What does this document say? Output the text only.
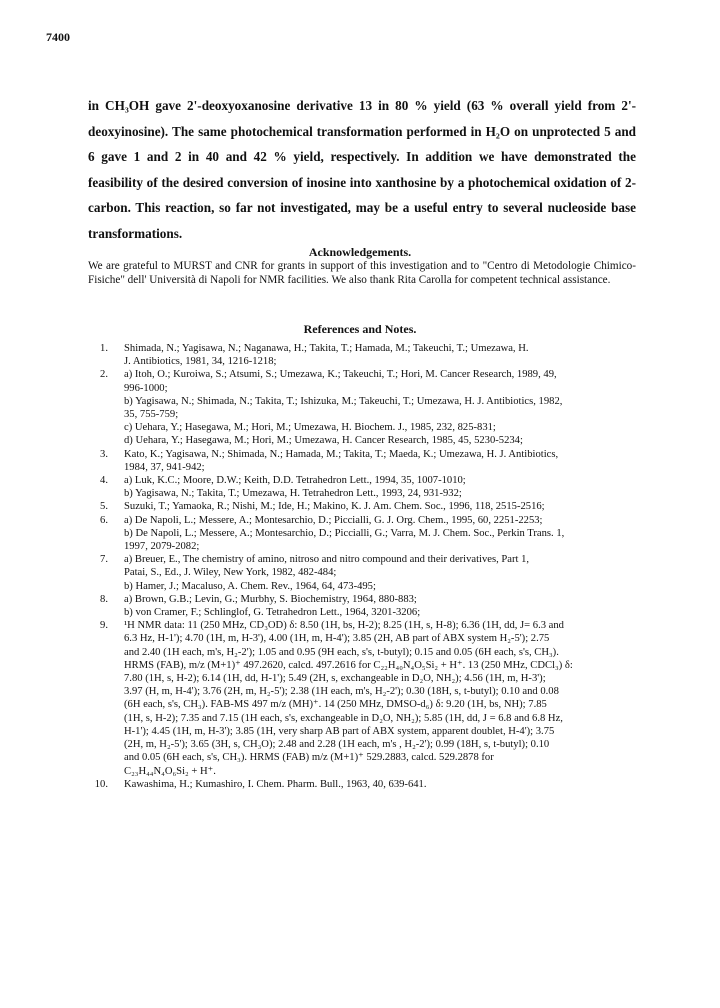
7400
in CH₃OH gave 2'-deoxyoxanosine derivative 13 in 80 % yield (63 % overall yield from 2'-deoxyinosine). The same photochemical transformation performed in H₂O on unprotected 5 and 6 gave 1 and 2 in 40 and 42 % yield, respectively. In addition we have demonstrated the feasibility of the desired conversion of inosine into xanthosine by a photochemical oxidation of 2-carbon. This reaction, so far not investigated, may be a useful entry to several nucleoside base transformations.
Acknowledgements.
We are grateful to MURST and CNR for grants in support of this investigation and to "Centro di Metodologie Chimico-Fisiche" dell' Università di Napoli for NMR facilities. We also thank Rita Carolla for competent technical assistance.
References and Notes.
1. Shimada, N.; Yagisawa, N.; Naganawa, H.; Takita, T.; Hamada, M.; Takeuchi, T.; Umezawa, H.
J. Antibiotics, 1981, 34, 1216-1218;
2. a) Itoh, O.; Kuroiwa, S.; Atsumi, S.; Umezawa, K.; Takeuchi, T.; Hori, M. Cancer Research, 1989, 49,
996-1000;
b) Yagisawa, N.; Shimada, N.; Takita, T.; Ishizuka, M.; Takeuchi, T.; Umezawa, H. J. Antibiotics, 1982,
35, 755-759;
c) Uehara, Y.; Hasegawa, M.; Hori, M.; Umezawa, H. Biochem. J., 1985, 232, 825-831;
d) Uehara, Y.; Hasegawa, M.; Hori, M.; Umezawa, H. Cancer Research, 1985, 45, 5230-5234;
3. Kato, K.; Yagisawa, N.; Shimada, N.; Hamada, M.; Takita, T.; Maeda, K.; Umezawa, H. J. Antibiotics,
1984, 37, 941-942;
4. a) Luk, K.C.; Moore, D.W.; Keith, D.D. Tetrahedron Lett., 1994, 35, 1007-1010;
b) Yagisawa, N.; Takita, T.; Umezawa, H. Tetrahedron Lett., 1993, 24, 931-932;
5. Suzuki, T.; Yamaoka, R.; Nishi, M.; Ide, H.; Makino, K. J. Am. Chem. Soc., 1996, 118, 2515-2516;
6. a) De Napoli, L.; Messere, A.; Montesarchio, D.; Piccialli, G. J. Org. Chem., 1995, 60, 2251-2253;
b) De Napoli, L.; Messere, A.; Montesarchio, D.; Piccialli, G.; Varra, M. J. Chem. Soc., Perkin Trans. 1,
1997, 2079-2082;
7. a) Breuer, E., The chemistry of amino, nitroso and nitro compound and their derivatives, Part 1,
Patai, S., Ed., J. Wiley, New York, 1982, 482-484;
b) Hamer, J.; Macaluso, A. Chem. Rev., 1964, 64, 473-495;
8. a) Brown, G.B.; Levin, G.; Murbhy, S. Biochemistry, 1964, 880-883;
b) von Cramer, F.; Schlinglof, G. Tetrahedron Lett., 1964, 3201-3206;
9. ¹H NMR data: 11 (250 MHz, CD₃OD) δ: 8.50 (1H, bs, H-2); 8.25 (1H, s, H-8); 6.36 (1H, dd, J= 6.3 and
6.3 Hz, H-1'); 4.70 (1H, m, H-3'), 4.00 (1H, m, H-4'); 3.85 (2H, AB part of ABX system H₂-5'); 2.75
and 2.40 (1H each, m's, H₂-2'); 1.05 and 0.95 (9H each, s's, t-butyl); 0.15 and 0.05 (6H each, s's, CH₃).
HRMS (FAB), m/z (M+1)⁺ 497.2620, calcd. 497.2616 for C₂₂H₄₀N₄O₅Si₂ + H⁺. 13 (250 MHz, CDCl₃) δ:
7.80 (1H, s, H-2); 6.14 (1H, dd, H-1'); 5.49 (2H, s, exchangeable in D₂O, NH₂); 4.56 (1H, m, H-3');
3.97 (H, m, H-4'); 3.76 (2H, m, H₂-5'); 2.38 (1H each, m's, H₂-2'); 0.30 (18H, s, t-butyl); 0.10 and 0.08
(6H each, s's, CH₃). FAB-MS 497 m/z (MH)⁺. 14 (250 MHz, DMSO-d₆) δ: 9.20 (1H, bs, NH); 7.85
(1H, s, H-2); 7.35 and 7.15 (1H each, s's, exchangeable in D₂O, NH₂); 5.85 (1H, dd, J = 6.8 and 6.8 Hz,
H-1'); 4.45 (1H, m, H-3'); 3.85 (1H, very sharp AB part of ABX system, apparent doublet, H-4'); 3.75
(2H, m, H₂-5'); 3.65 (3H, s, CH₃O); 2.48 and 2.28 (1H each, m's , H₂-2'); 0.99 (18H, s, t-butyl); 0.10
and 0.05 (6H each, s's, CH₃). HRMS (FAB) m/z (M+1)⁺ 529.2883, calcd. 529.2878 for
C₂₃H₄₄N₄O₆Si₂ + H⁺.
10. Kawashima, H.; Kumashiro, I. Chem. Pharm. Bull., 1963, 40, 639-641.
